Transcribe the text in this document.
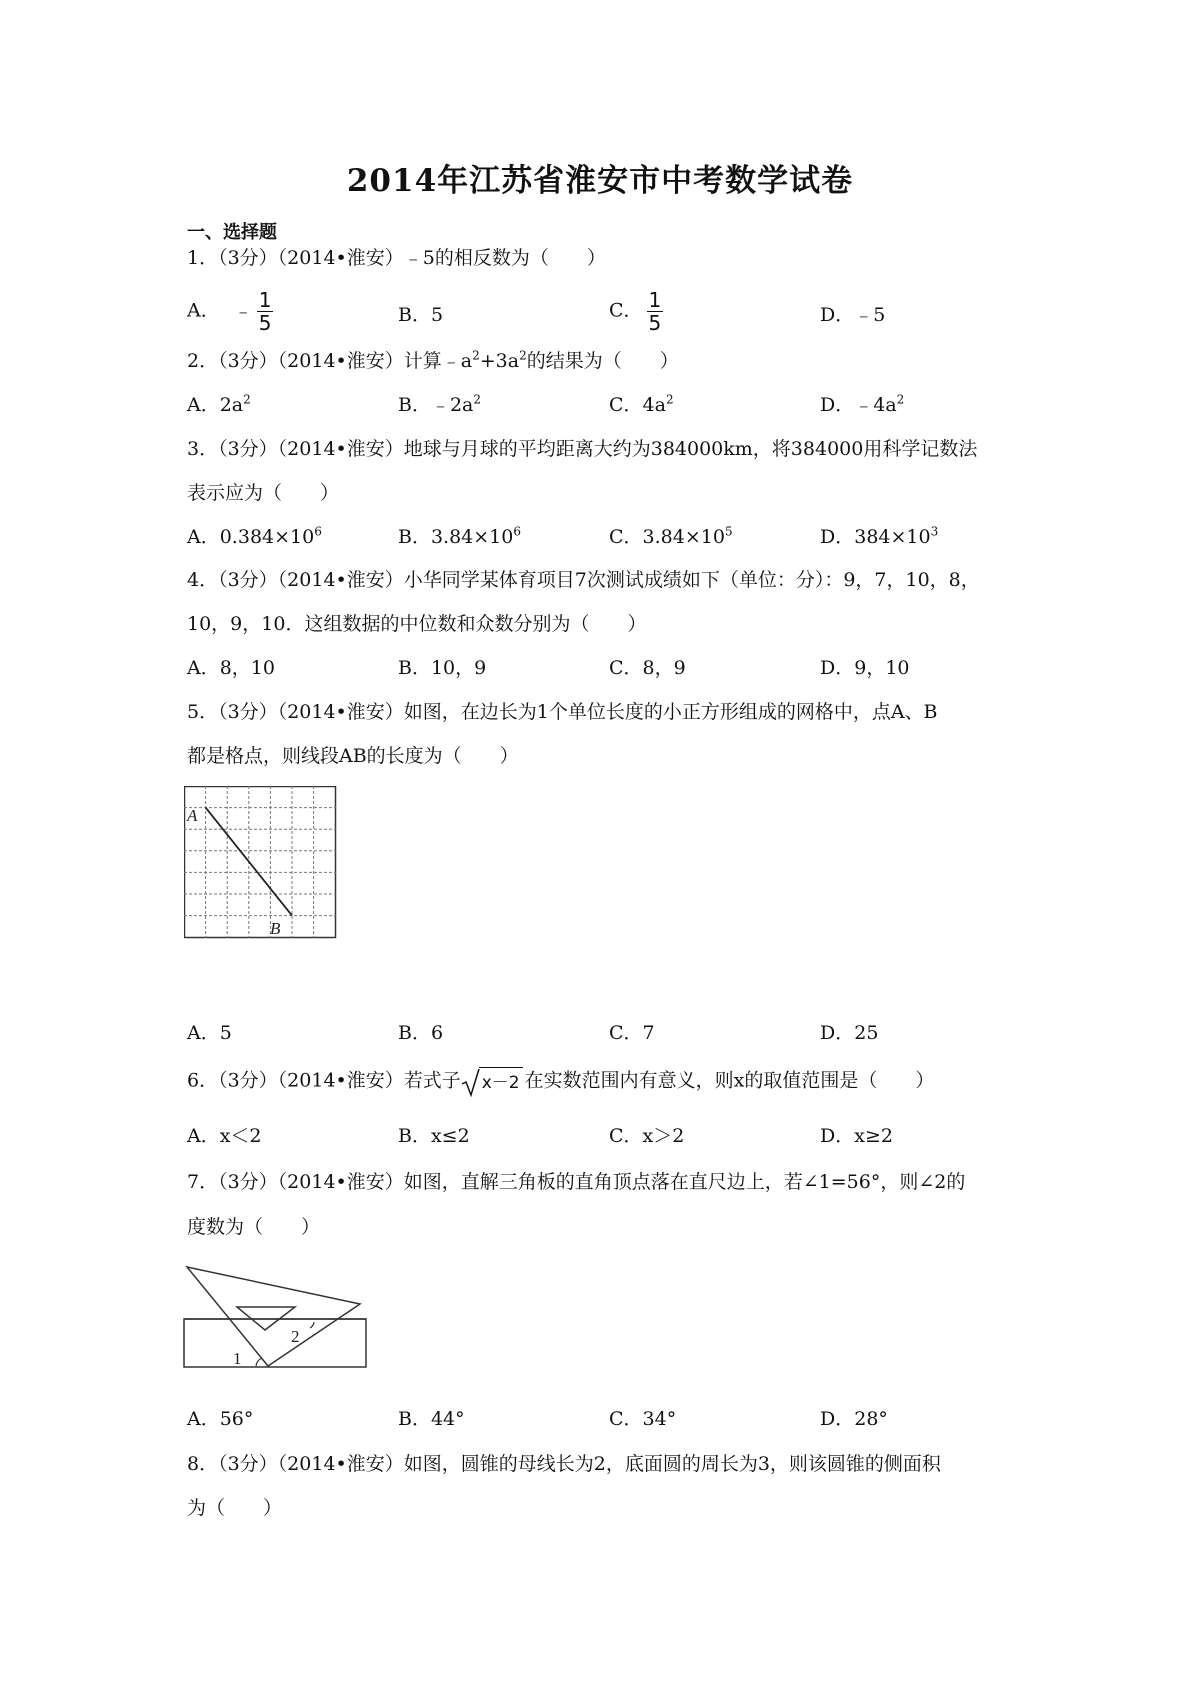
2014年江苏省淮安市中考数学试卷
一、选择题
1．（3分）（2014•淮安）﹣5的相反数为（　　）
A． ﹣ $\frac{1}{5}$	B．5	C． $\frac{1}{5}$	D．﹣5
2．（3分）（2014•淮安）计算$﹣a^2+3a^2$的结果为（　　）
A．$2a^2$	B．$﹣2a^2$	C．$4a^2$	D．$﹣4a^2$
3．（3分）（2014•淮安）地球与月球的平均距离大约为384000km，将384000用科学记数法
表示应为（　　）
A．$0.384\times 10^6$	B．$3.84\times 10^6$	C．$3.84\times 10^5$	D．$384\times 10^3$
4．（3分）（2014•淮安）小华同学某体育项目7次测试成绩如下（单位：分）：9，7，10，8，
10，9，10．这组数据的中位数和众数分别为（　　）
A．8，10	B．10，9	C．8，9	D．9，10
5．（3分）（2014•淮安）如图，在边长为1个单位长度的小正方形组成的网格中，点A、B
都是格点，则线段AB的长度为（　　）
A
B
A．5	B．6	C．7	D．25
6．（3分）（2014•淮安）若式子 x－2 在实数范围内有意义，则x的取值范围是（　　）
A．x＜2	B．x≤2	C．x＞2	D．x≥2
7．（3分）（2014•淮安）如图，直解三角板的直角顶点落在直尺边上，若∠1=56°，则∠2的
度数为（　　）
1
2
A．56°	B．44°	C．34°	D．28°
8．（3分）（2014•淮安）如图，圆锥的母线长为2，底面圆的周长为3，则该圆锥的侧面积
为（　　）
